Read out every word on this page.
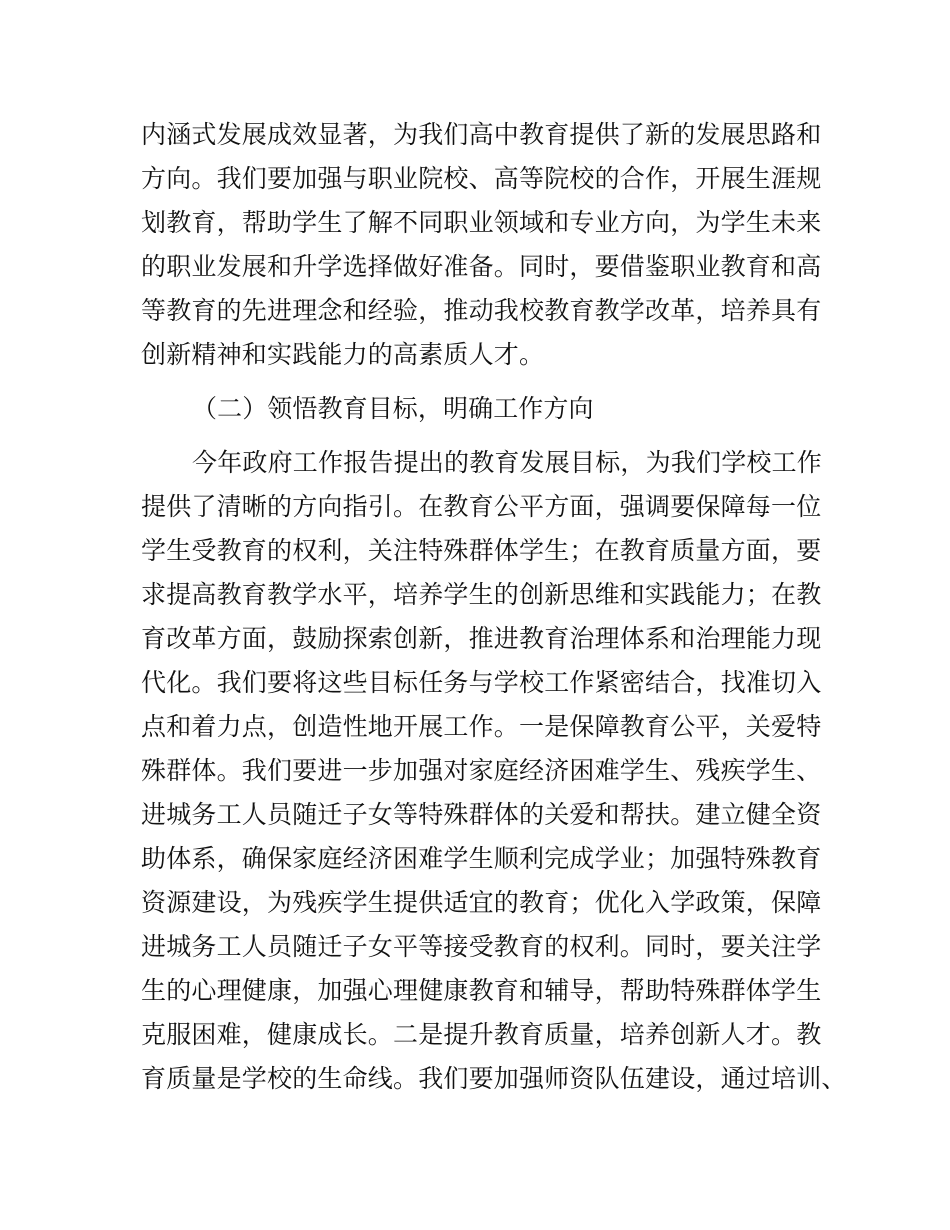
内涵式发展成效显著，为我们高中教育提供了新的发展思路和
方向。我们要加强与职业院校、高等院校的合作，开展生涯规
划教育，帮助学生了解不同职业领域和专业方向，为学生未来
的职业发展和升学选择做好准备。同时，要借鉴职业教育和高
等教育的先进理念和经验，推动我校教育教学改革，培养具有
创新精神和实践能力的高素质人才。
（二）领悟教育目标，明确工作方向
今年政府工作报告提出的教育发展目标，为我们学校工作
提供了清晰的方向指引。在教育公平方面，强调要保障每一位
学生受教育的权利，关注特殊群体学生；在教育质量方面，要
求提高教育教学水平，培养学生的创新思维和实践能力；在教
育改革方面，鼓励探索创新，推进教育治理体系和治理能力现
代化。我们要将这些目标任务与学校工作紧密结合，找准切入
点和着力点，创造性地开展工作。一是保障教育公平，关爱特
殊群体。我们要进一步加强对家庭经济困难学生、残疾学生、
进城务工人员随迁子女等特殊群体的关爱和帮扶。建立健全资
助体系，确保家庭经济困难学生顺利完成学业；加强特殊教育
资源建设，为残疾学生提供适宜的教育；优化入学政策，保障
进城务工人员随迁子女平等接受教育的权利。同时，要关注学
生的心理健康，加强心理健康教育和辅导，帮助特殊群体学生
克服困难，健康成长。二是提升教育质量，培养创新人才。教
育质量是学校的生命线。我们要加强师资队伍建设，通过培训、
